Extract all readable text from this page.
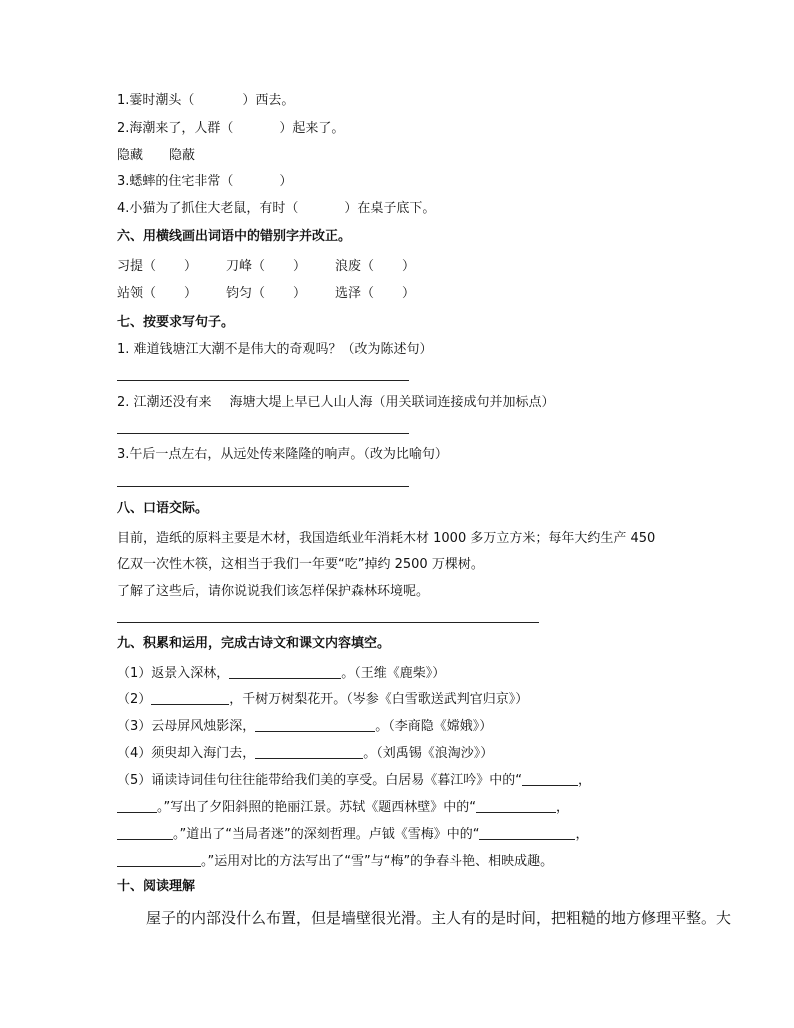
1.霎时潮头（	）西去。
2.海潮来了，人群（	）起来了。
隐藏 隐蔽
3.蟋蟀的住宅非常（	）
4.小猫为了抓住大老鼠，有时（	）在桌子底下。
六、用横线画出词语中的错别字并改正。
习提（ ） 刀峰（ ） 浪废（ ）
站领（ ） 钧匀（ ） 选泽（ ）
七、按要求写句子。
1. 难道钱塘江大潮不是伟大的奇观吗？（改为陈述句）
2. 江潮还没有来 海塘大堤上早已人山人海（用关联词连接成句并加标点）
3.午后一点左右，从远处传来隆隆的响声。（改为比喻句）
八、口语交际。
目前，造纸的原料主要是木材，我国造纸业年消耗木材 1000 多万立方米；每年大约生产 450
亿双一次性木筷，这相当于我们一年要“吃”掉约 2500 万棵树。
了解了这些后，请你说说我们该怎样保护森林环境呢。
九、积累和运用，完成古诗文和课文内容填空。
（1）返景入深林，	。（王维《鹿柴》）
（2）	，千树万树梨花开。（岑参《白雪歌送武判官归京》）
（3）云母屏风烛影深，	。（李商隐《嫦娥》）
（4）须臾却入海门去，	。（刘禹锡《浪淘沙》）
（5）诵读诗词佳句往往能带给我们美的享受。白居易《暮江吟》中的“	，
。”写出了夕阳斜照的艳丽江景。苏轼《题西林壁》中的“	，
。”道出了“当局者迷”的深刻哲理。卢钺《雪梅》中的“	，
。”运用对比的方法写出了“雪”与“梅”的争春斗艳、相映成趣。
十、阅读理解
屋子的内部没什么布置，但是墙壁很光滑。主人有的是时间，把粗糙的地方修理平整。大
